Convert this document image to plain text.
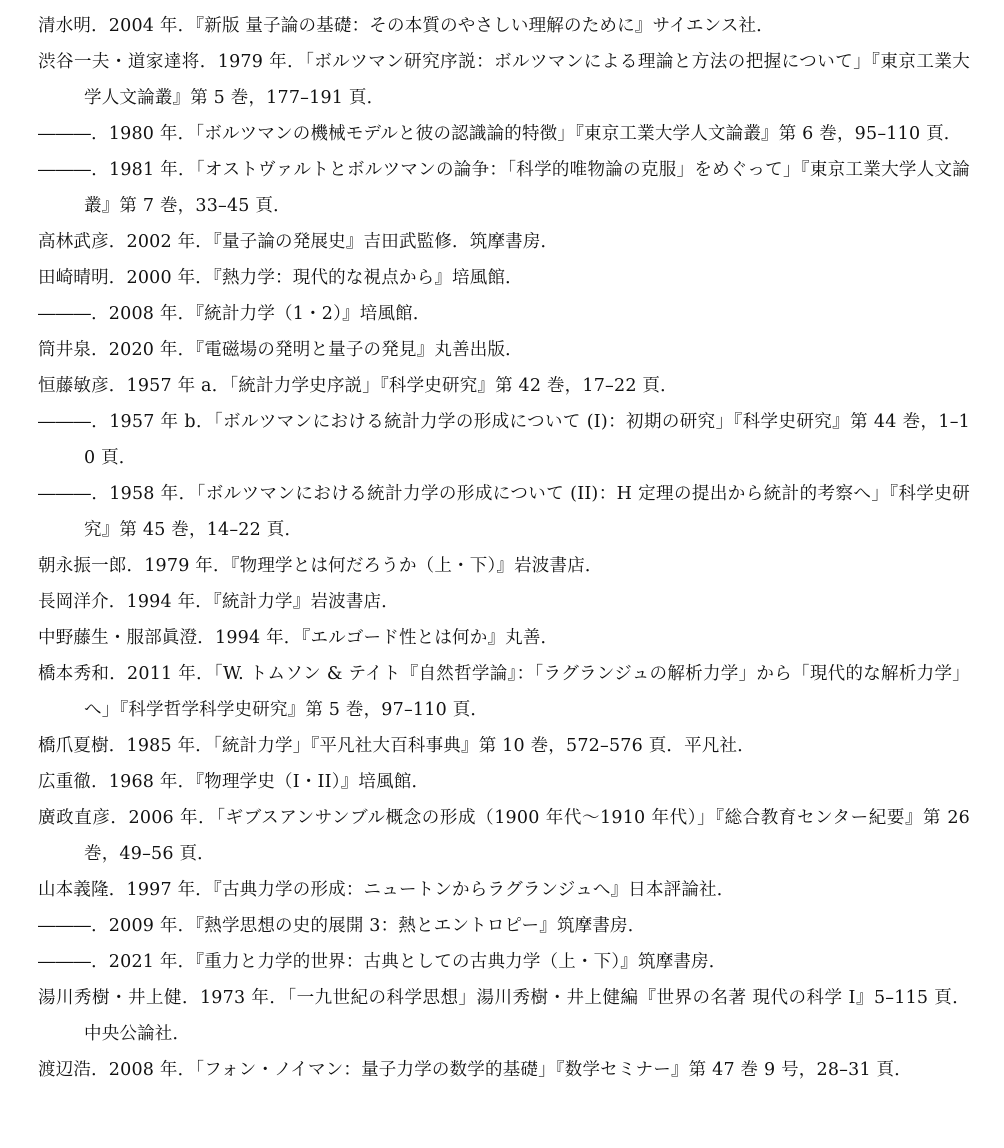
清水明．2004 年．『新版 量子論の基礎：その本質のやさしい理解のために』サイエンス社．
渋谷一夫・道家達将．1979 年．「ボルツマン研究序説：ボルツマンによる理論と方法の把握について」『東京工業大学人文論叢』第 5 巻，177–191 頁．
―――．1980 年．「ボルツマンの機械モデルと彼の認識論的特徴」『東京工業大学人文論叢』第 6 巻，95–110 頁．
―――．1981 年．「オストヴァルトとボルツマンの論争：「科学的唯物論の克服」をめぐって」『東京工業大学人文論叢』第 7 巻，33–45 頁．
高林武彦．2002 年．『量子論の発展史』吉田武監修．筑摩書房．
田崎晴明．2000 年．『熱力学：現代的な視点から』培風館．
―――．2008 年．『統計力学（1・2）』培風館．
筒井泉．2020 年．『電磁場の発明と量子の発見』丸善出版．
恒藤敏彦．1957 年 a．「統計力学史序説」『科学史研究』第 42 巻，17–22 頁．
―――．1957 年 b．「ボルツマンにおける統計力学の形成について (I)：初期の研究」『科学史研究』第 44 巻，1–10 頁．
―――．1958 年．「ボルツマンにおける統計力学の形成について (II)：H 定理の提出から統計的考察へ」『科学史研究』第 45 巻，14–22 頁．
朝永振一郎．1979 年．『物理学とは何だろうか（上・下）』岩波書店．
長岡洋介．1994 年．『統計力学』岩波書店．
中野藤生・服部眞澄．1994 年．『エルゴード性とは何か』丸善．
橋本秀和．2011 年．「W. トムソン & テイト『自然哲学論』：「ラグランジュの解析力学」から「現代的な解析力学」へ」『科学哲学科学史研究』第 5 巻，97–110 頁．
橋爪夏樹．1985 年．「統計力学」『平凡社大百科事典』第 10 巻，572–576 頁．平凡社．
広重徹．1968 年．『物理学史（I・II）』培風館．
廣政直彦．2006 年．「ギブスアンサンブル概念の形成（1900 年代〜1910 年代）」『総合教育センター紀要』第 26 巻，49–56 頁．
山本義隆．1997 年．『古典力学の形成：ニュートンからラグランジュへ』日本評論社．
―――．2009 年．『熱学思想の史的展開 3：熱とエントロピー』筑摩書房．
―――．2021 年．『重力と力学的世界：古典としての古典力学（上・下）』筑摩書房．
湯川秀樹・井上健．1973 年．「一九世紀の科学思想」湯川秀樹・井上健編『世界の名著 現代の科学 I』5–115 頁．中央公論社．
渡辺浩．2008 年．「フォン・ノイマン：量子力学の数学的基礎」『数学セミナー』第 47 巻 9 号，28–31 頁．
